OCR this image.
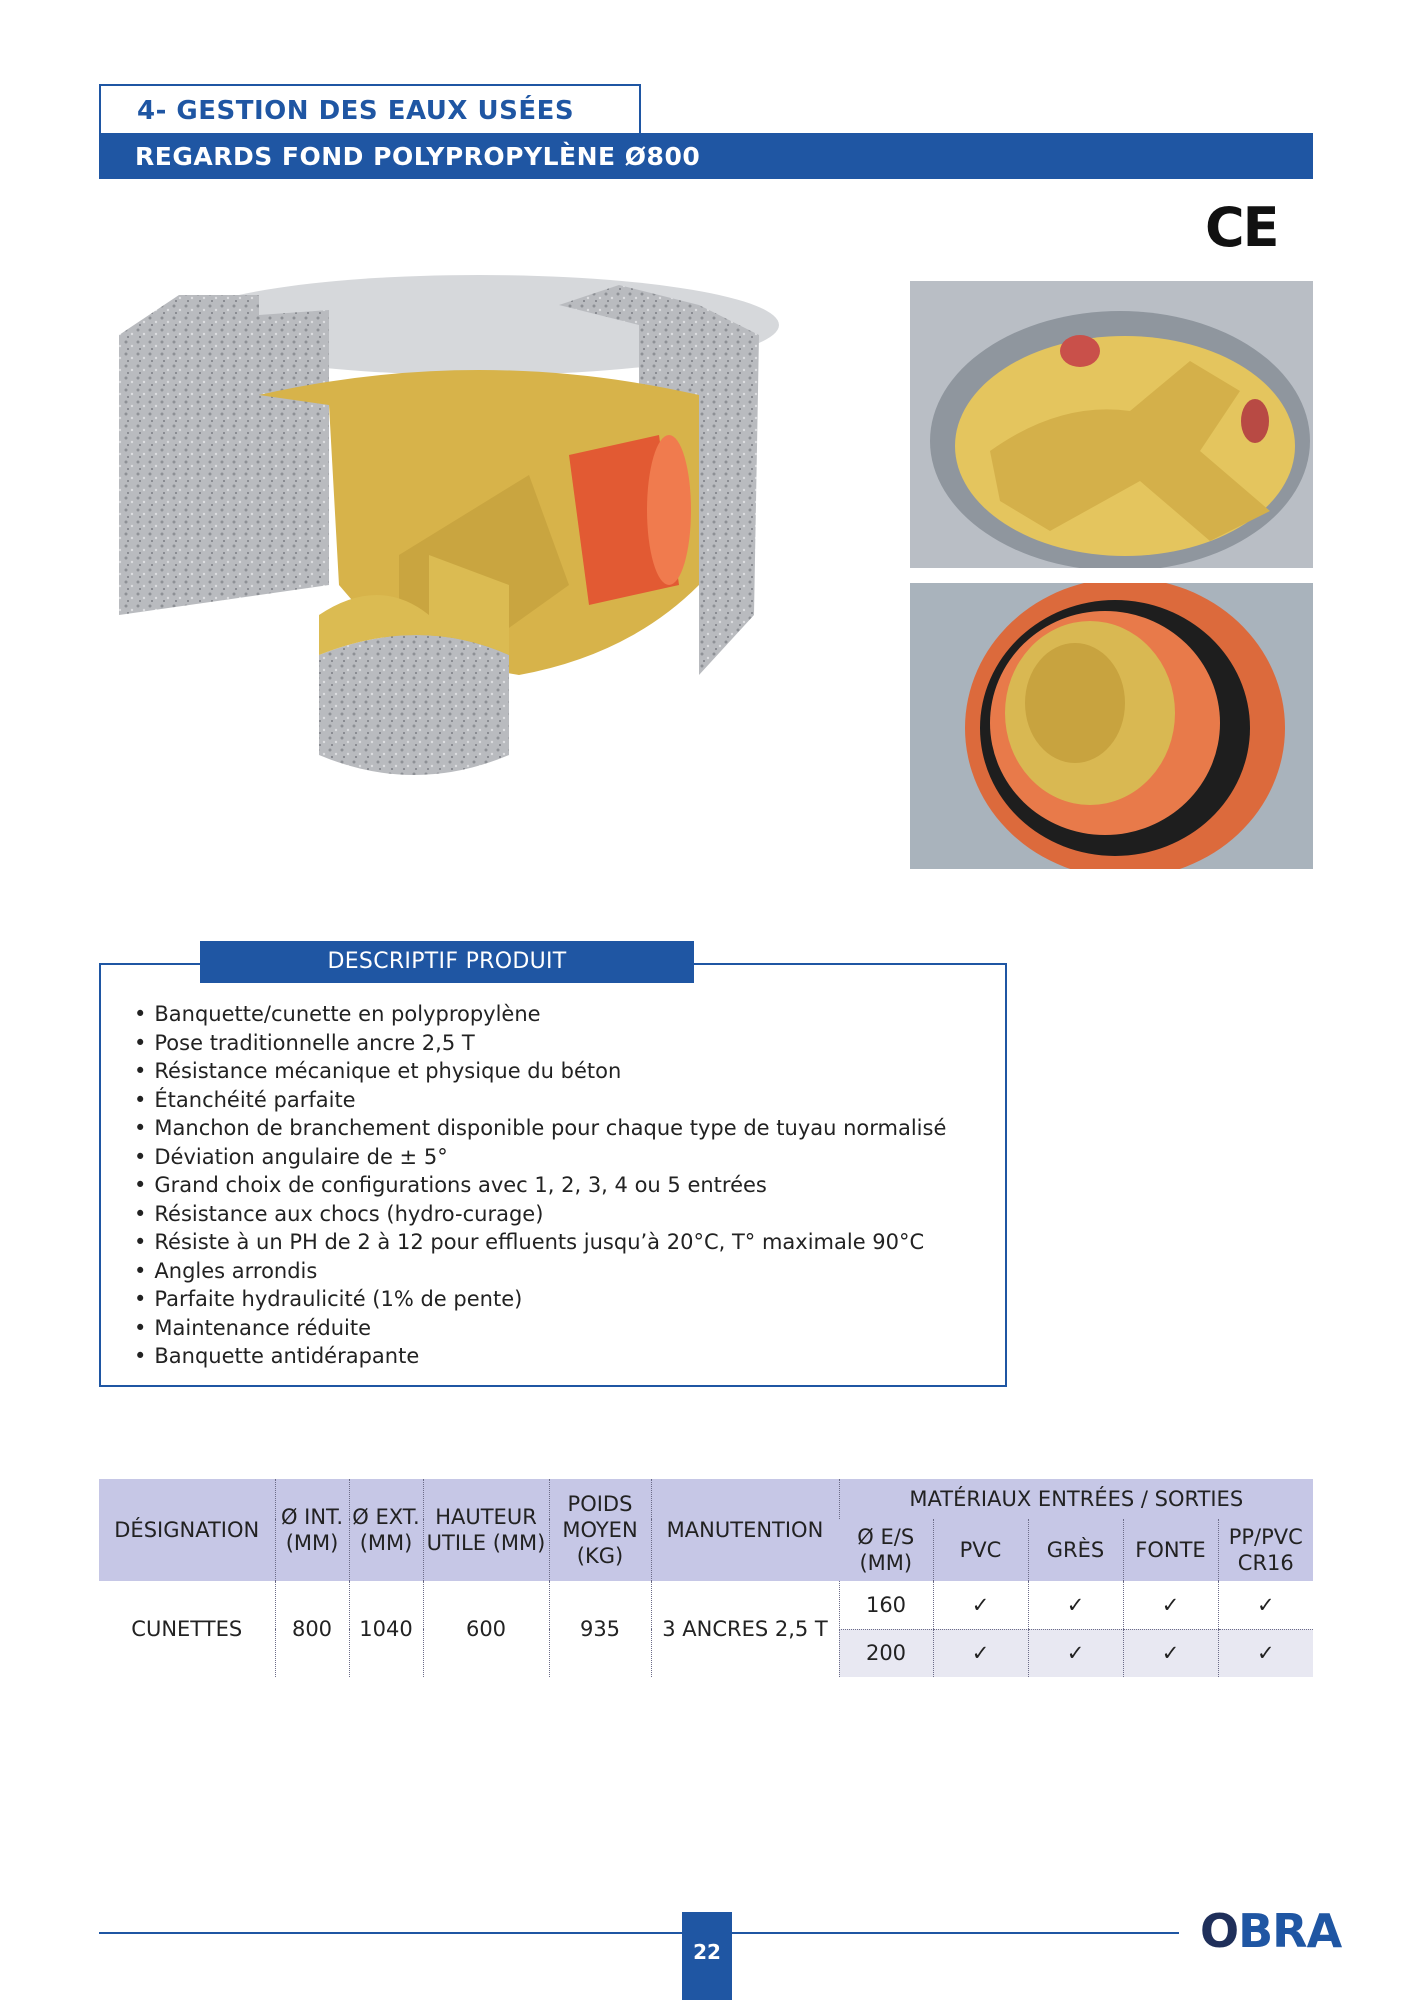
4- GESTION DES EAUX USÉES
REGARDS FOND POLYPROPYLÈNE Ø800
CE
DESCRIPTIF PRODUIT
• Banquette/cunette en polypropylène
• Pose traditionnelle ancre 2,5 T
• Résistance mécanique et physique du béton
• Étanchéité parfaite
• Manchon de branchement disponible pour chaque type de tuyau normalisé
• Déviation angulaire de ± 5°
• Grand choix de configurations avec 1, 2, 3, 4 ou 5 entrées
• Résistance aux chocs (hydro-curage)
• Résiste à un PH de 2 à 12 pour effluents jusqu’à 20°C, T° maximale 90°C
• Angles arrondis
• Parfaite hydraulicité (1% de pente)
• Maintenance réduite
• Banquette antidérapante
DÉSIGNATION	Ø INT. (MM)	Ø EXT. (MM)	HAUTEUR UTILE (MM)	POIDS MOYEN (KG)	MANUTENTION	MATÉRIAUX ENTRÉES / SORTIES				
						Ø E/S (MM)	PVC	GRÈS	FONTE	PP/PVC CR16
CUNETTES	800	1040	600	935	3 ANCRES 2,5 T	160	✓	✓	✓	✓
						200	✓	✓	✓	✓
22	OBRA
